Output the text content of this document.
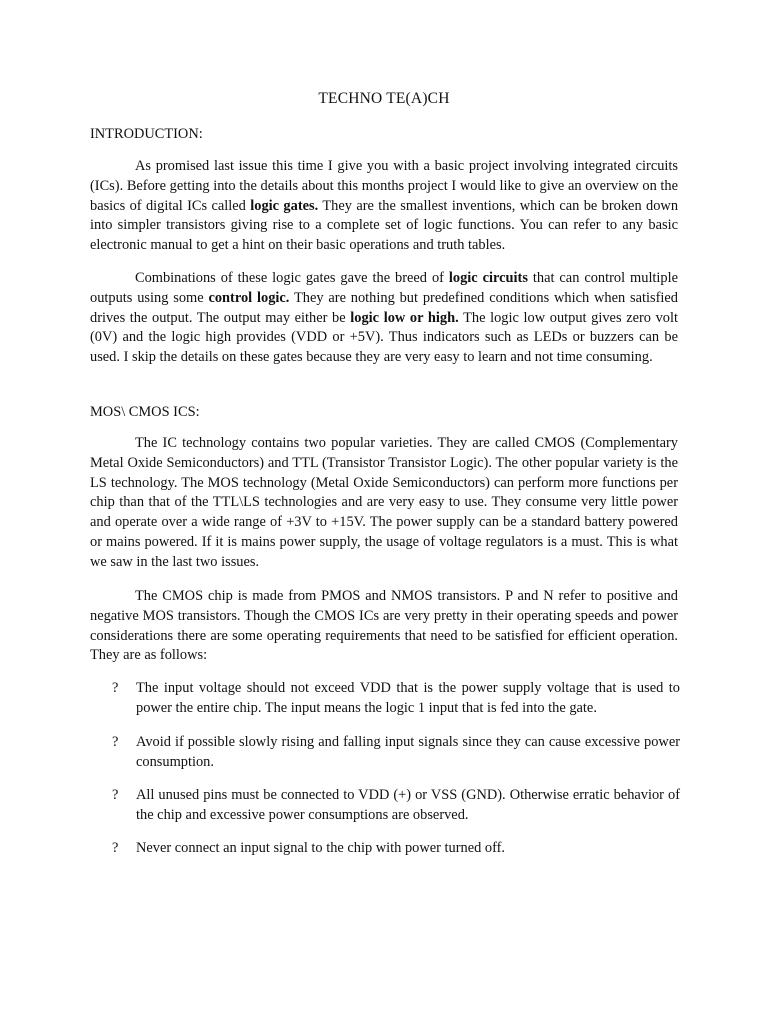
TECHNO TE(A)CH
INTRODUCTION:

As promised last issue this time I give you with a basic project involving integrated circuits (ICs). Before getting into the details about this months project I would like to give an overview on the basics of digital ICs called logic gates. They are the smallest inventions, which can be broken down into simpler transistors giving rise to a complete set of logic functions. You can refer to any basic electronic manual to get a hint on their basic operations and truth tables.

Combinations of these logic gates gave the breed of logic circuits that can control multiple outputs using some control logic. They are nothing but predefined conditions which when satisfied drives the output. The output may either be logic low or high. The logic low output gives zero volt (0V) and the logic high provides (VDD or +5V). Thus indicators such as LEDs or buzzers can be used. I skip the details on these gates because they are very easy to learn and not time consuming.

MOS\ CMOS ICS:

The IC technology contains two popular varieties. They are called CMOS (Complementary Metal Oxide Semiconductors) and TTL (Transistor Transistor Logic). The other popular variety is the LS technology. The MOS technology (Metal Oxide Semiconductors) can perform more functions per chip than that of the TTL\LS technologies and are very easy to use. They consume very little power and operate over a wide range of +3V to +15V. The power supply can be a standard battery powered or mains powered. If it is mains power supply, the usage of voltage regulators is a must. This is what we saw in the last two issues.

The CMOS chip is made from PMOS and NMOS transistors. P and N refer to positive and negative MOS transistors. Though the CMOS ICs are very pretty in their operating speeds and power considerations there are some operating requirements that need to be satisfied for efficient operation. They are as follows:

? The input voltage should not exceed VDD that is the power supply voltage that is used to power the entire chip. The input means the logic 1 input that is fed into the gate.
? Avoid if possible slowly rising and falling input signals since they can cause excessive power consumption.
? All unused pins must be connected to VDD (+) or VSS (GND). Otherwise erratic behavior of the chip and excessive power consumptions are observed.
? Never connect an input signal to the chip with power turned off.
